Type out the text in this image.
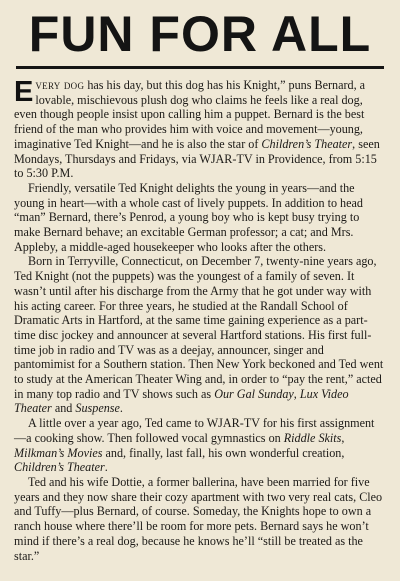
FUN FOR ALL

Every dog has his day, but this dog has his Knight,” puns Bernard, a lovable, mischievous plush dog who claims he feels like a real dog, even though people insist upon calling him a puppet. Bernard is the best friend of the man who provides him with voice and movement—young, imaginative Ted Knight—and he is also the star of Children’s Theater, seen Mondays, Thursdays and Fridays, via WJAR-TV in Providence, from 5:15 to 5:30 P.M.

Friendly, versatile Ted Knight delights the young in years—and the young in heart—with a whole cast of lively puppets. In addition to head “man” Bernard, there’s Penrod, a young boy who is kept busy trying to make Bernard behave; an excitable German professor; a cat; and Mrs. Appleby, a middle-aged housekeeper who looks after the others.

Born in Terryville, Connecticut, on December 7, twenty-nine years ago, Ted Knight (not the puppets) was the youngest of a family of seven. It wasn’t until after his discharge from the Army that he got under way with his acting career. For three years, he studied at the Randall School of Dramatic Arts in Hartford, at the same time gaining experience as a part-time disc jockey and announcer at several Hartford stations. His first full-time job in radio and TV was as a deejay, announcer, singer and pantomimist for a Southern station. Then New York beckoned and Ted went to study at the American Theater Wing and, in order to “pay the rent,” acted in many top radio and TV shows such as Our Gal Sunday, Lux Video Theater and Suspense.

A little over a year ago, Ted came to WJAR-TV for his first assignment—a cooking show. Then followed vocal gymnastics on Riddle Skits, Milkman’s Movies and, finally, last fall, his own wonderful creation, Children’s Theater.

Ted and his wife Dottie, a former ballerina, have been married for five years and they now share their cozy apartment with two very real cats, Cleo and Tuffy—plus Bernard, of course. Someday, the Knights hope to own a ranch house where there’ll be room for more pets. Bernard says he won’t mind if there’s a real dog, because he knows he’ll “still be treated as the star.”
